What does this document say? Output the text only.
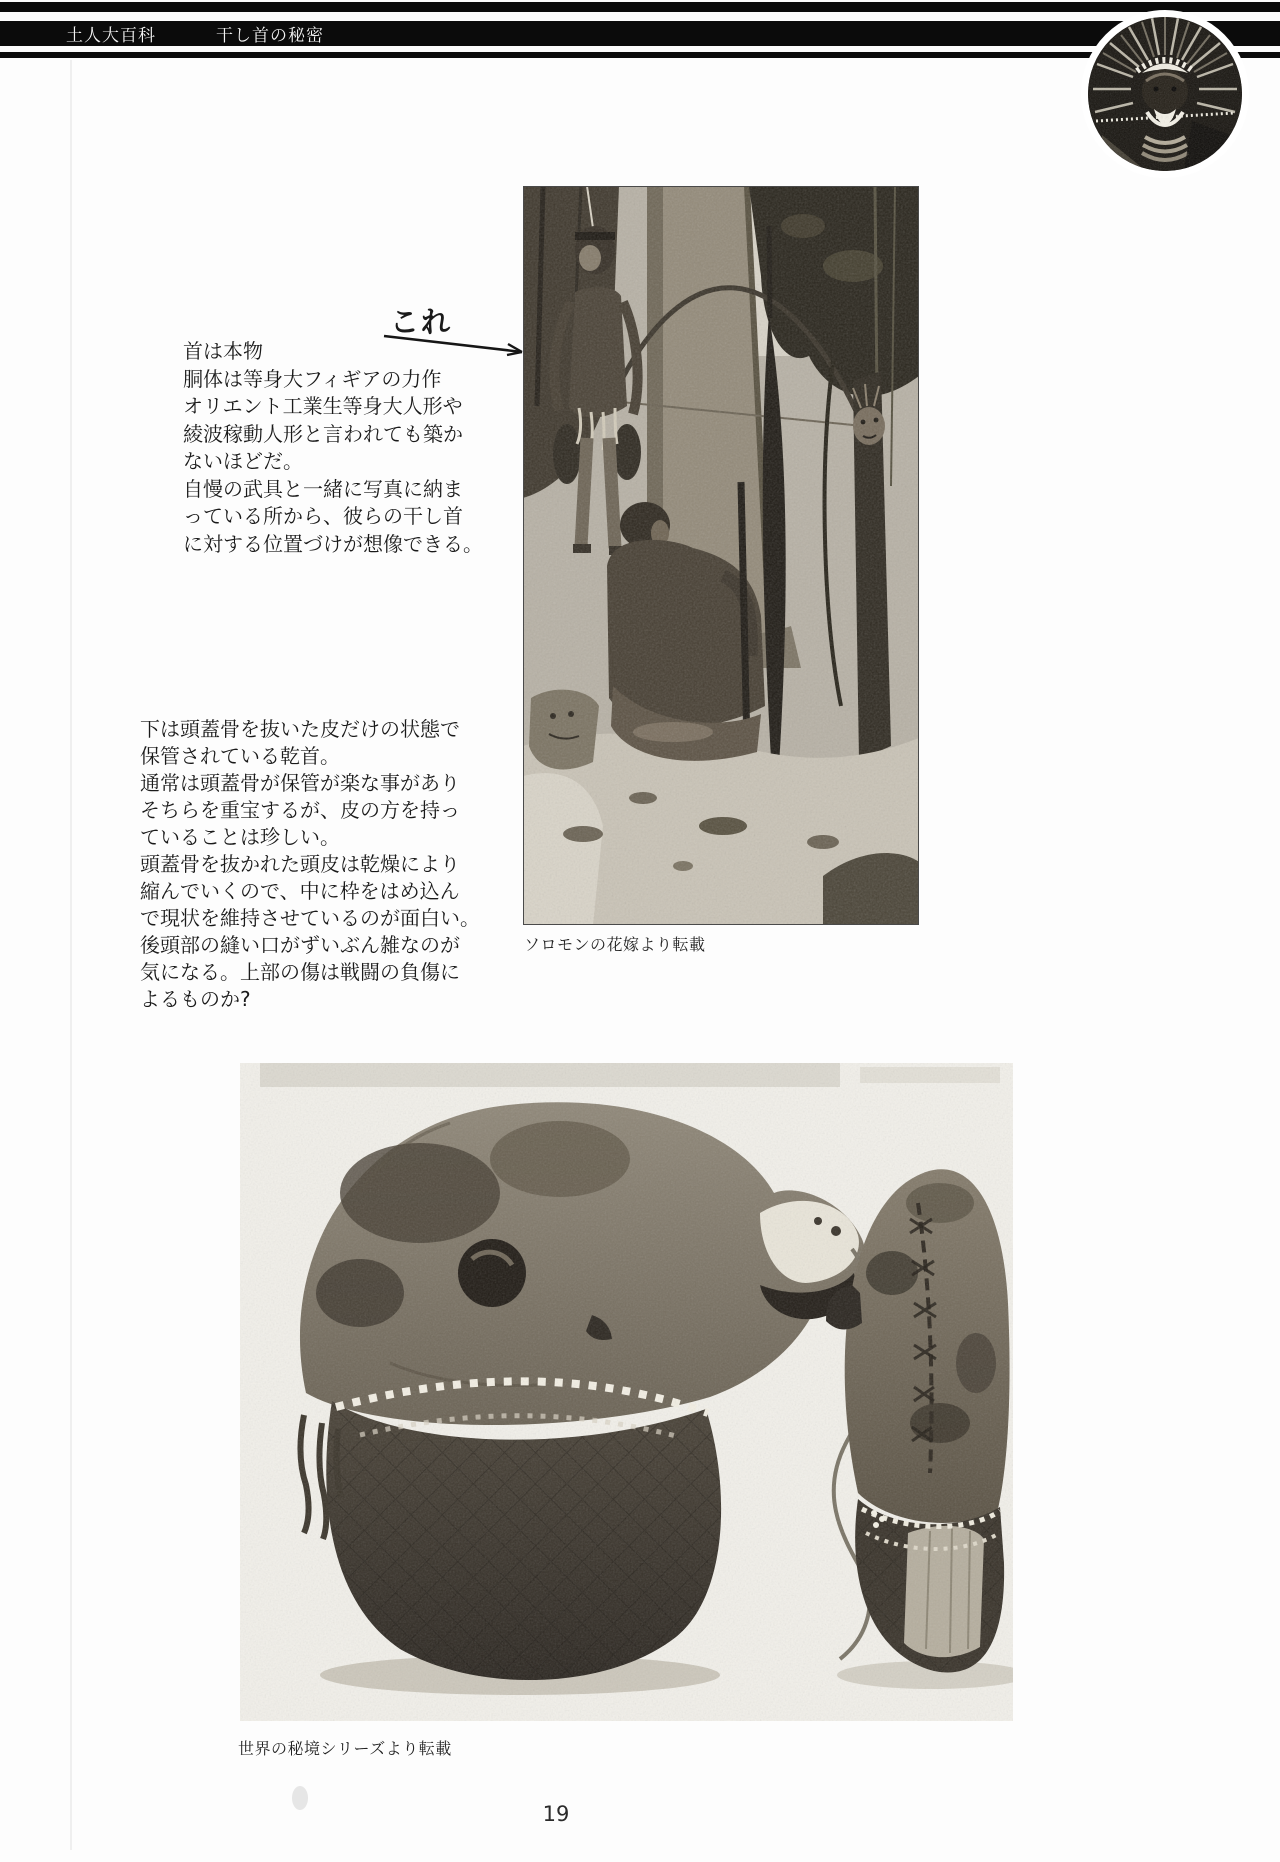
土人大百科	干し首の秘密
これ
首は本物
胴体は等身大フィギアの力作
オリエント工業生等身大人形や
綾波稼動人形と言われても築か
ないほどだ。
自慢の武具と一緒に写真に納ま
っている所から、彼らの干し首
に対する位置づけが想像できる。
下は頭蓋骨を抜いた皮だけの状態で
保管されている乾首。
通常は頭蓋骨が保管が楽な事があり
そちらを重宝するが、皮の方を持っ
ていることは珍しい。
頭蓋骨を抜かれた頭皮は乾燥により
縮んでいくので、中に枠をはめ込ん
で現状を維持させているのが面白い。
後頭部の縫い口がずいぶん雑なのが
気になる。上部の傷は戦闘の負傷に
よるものか?
ソロモンの花嫁より転載
世界の秘境シリーズより転載
19
